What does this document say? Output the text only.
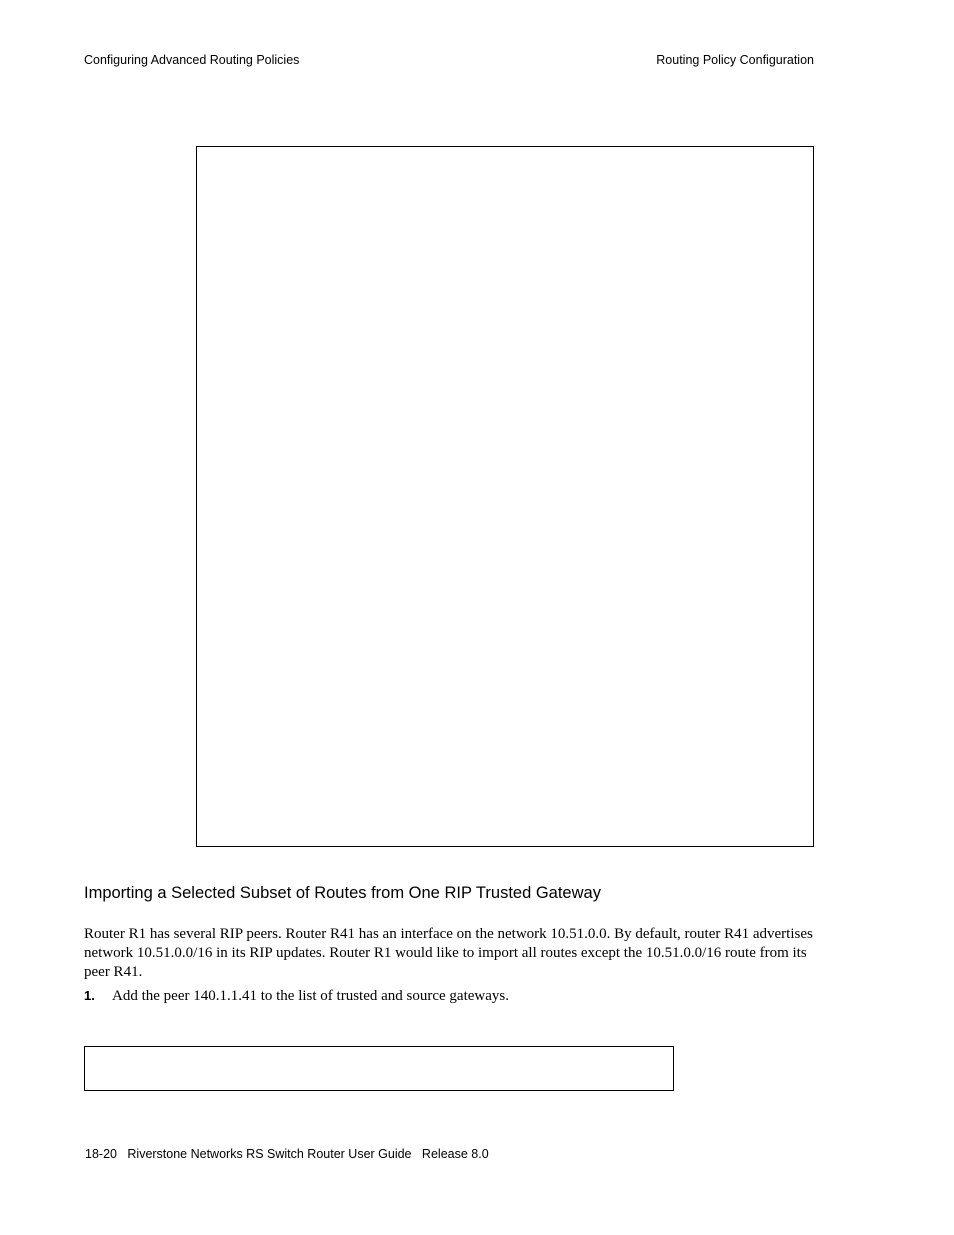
Configuring Advanced Routing Policies	Routing Policy Configuration
Importing a Selected Subset of Routes from One RIP Trusted Gateway
Router R1 has several RIP peers. Router R41 has an interface on the network 10.51.0.0. By default, router R41 advertises network 10.51.0.0/16 in its RIP updates. Router R1 would like to import all routes except the 10.51.0.0/16 route from its peer R41.
1. Add the peer 140.1.1.41 to the list of trusted and source gateways.
18-20   Riverstone Networks RS Switch Router User Guide   Release 8.0
